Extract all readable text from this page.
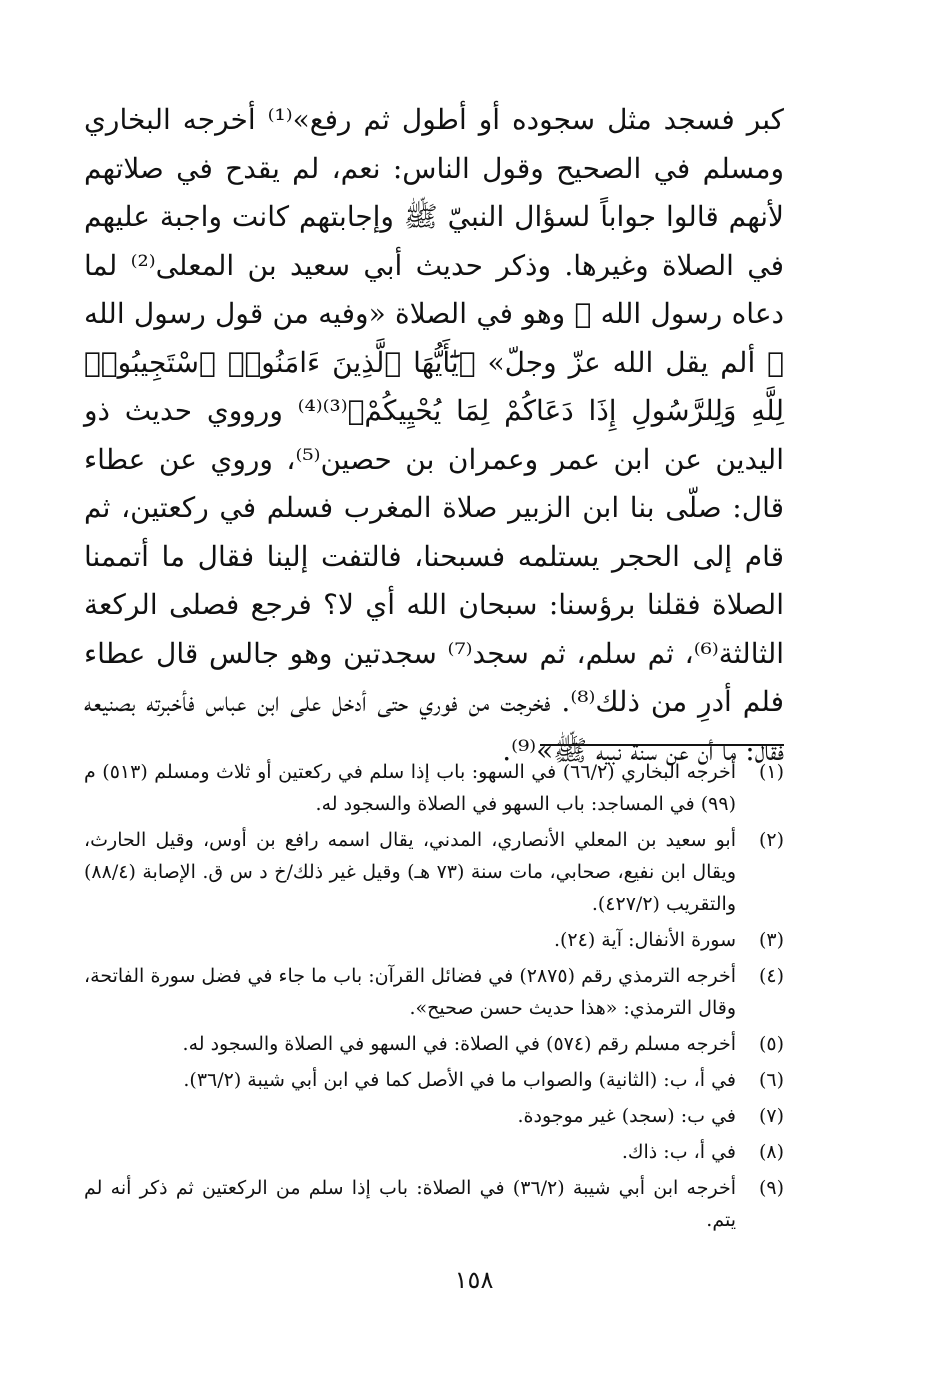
كبر فسجد مثل سجوده أو أطول ثم رفع»⁽¹⁾ أخرجه البخاري ومسلم في الصحيح وقول الناس: نعم، لم يقدح في صلاتهم لأنهم قالوا جواباً لسؤال النبيّ ﷺ وإجابتهم كانت واجبة عليهم في الصلاة وغيرها. وذكر حديث أبي سعيد بن المعلى⁽²⁾ لما دعاه رسول الله ﷺ وهو في الصلاة «وفيه من قول رسول الله ﷺ ألم يقل الله عزّ وجلّ» ﴿يَٰٓأَيُّهَا ٱلَّذِينَ ءَامَنُوا۟ ٱسْتَجِيبُوا۟ لِلَّهِ وَلِلرَّسُولِ إِذَا دَعَاكُمْ لِمَا يُحْيِيكُمْ﴾⁽³⁾⁽⁴⁾ ورووي حديث ذو اليدين عن ابن عمر وعمران بن حصين⁽⁵⁾، وروي عن عطاء قال: صلّى بنا ابن الزبير صلاة المغرب فسلم في ركعتين، ثم قام إلى الحجر يستلمه فسبحنا، فالتفت إلينا فقال ما أتممنا الصلاة فقلنا برؤسنا: سبحان الله أي لا؟ فرجع فصلى الركعة الثالثة⁽⁶⁾، ثم سلم، ثم سجد⁽⁷⁾ سجدتين وهو جالس قال عطاء فلم أدرِ من ذلك⁽⁸⁾. فخرجت من فوري حتى أدخل على ابن عباس فأخبرته بصنيعه فقال: ما أن عن سنة نبيه ﷺ»⁽⁹⁾.

(١)
أخرجه البخاري (٦٦/٢) في السهو: باب إذا سلم في ركعتين أو ثلاث ومسلم (٥١٣) م (٩٩) في المساجد: باب السهو في الصلاة والسجود له.
(٢)
أبو سعيد بن المعلي الأنصاري، المدني، يقال اسمه رافع بن أوس، وقيل الحارث، ويقال ابن نفيع، صحابي، مات سنة (٧٣ هـ) وقيل غير ذلك/خ د س ق. الإصابة (٨٨/٤) والتقريب (٤٢٧/٢).
(٣)
سورة الأنفال: آية (٢٤).
(٤)
أخرجه الترمذي رقم (٢٨٧٥) في فضائل القرآن: باب ما جاء في فضل سورة الفاتحة، وقال الترمذي: «هذا حديث حسن صحيح».
(٥)
أخرجه مسلم رقم (٥٧٤) في الصلاة: في السهو في الصلاة والسجود له.
(٦)
في أ، ب: (الثانية) والصواب ما في الأصل كما في ابن أبي شيبة (٣٦/٢).
(٧)
في ب: (سجد) غير موجودة.
(٨)
في أ، ب: ذاك.
(٩)
أخرجه ابن أبي شيبة (٣٦/٢) في الصلاة: باب إذا سلم من الركعتين ثم ذكر أنه لم يتم.
١٥٨
